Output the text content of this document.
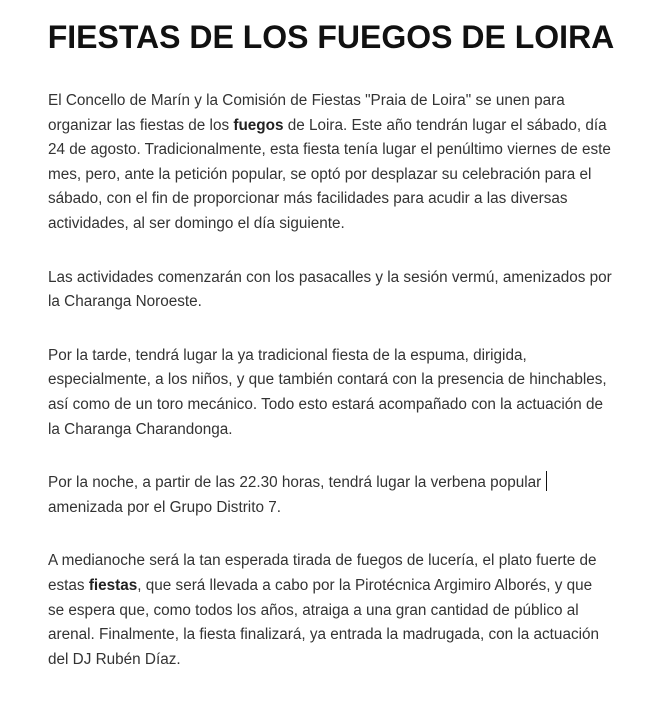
FIESTAS DE LOS FUEGOS DE LOIRA

El Concello de Marín y la Comisión de Fiestas "Praia de Loira" se unen para
organizar las fiestas de los fuegos de Loira. Este año tendrán lugar el sábado, día
24 de agosto. Tradicionalmente, esta fiesta tenía lugar el penúltimo viernes de este
mes, pero, ante la petición popular, se optó por desplazar su celebración para el
sábado, con el fin de proporcionar más facilidades para acudir a las diversas
actividades, al ser domingo el día siguiente.

Las actividades comenzarán con los pasacalles y la sesión vermú, amenizados por
la Charanga Noroeste.

Por la tarde, tendrá lugar la ya tradicional fiesta de la espuma, dirigida,
especialmente, a los niños, y que también contará con la presencia de hinchables,
así como de un toro mecánico. Todo esto estará acompañado con la actuación de
la Charanga Charandonga.

Por la noche, a partir de las 22.30 horas, tendrá lugar la verbena popular
amenizada por el Grupo Distrito 7.

A medianoche será la tan esperada tirada de fuegos de lucería, el plato fuerte de
estas fiestas, que será llevada a cabo por la Pirotécnica Argimiro Alborés, y que
se espera que, como todos los años, atraiga a una gran cantidad de público al
arenal. Finalmente, la fiesta finalizará, ya entrada la madrugada, con la actuación
del DJ Rubén Díaz.
